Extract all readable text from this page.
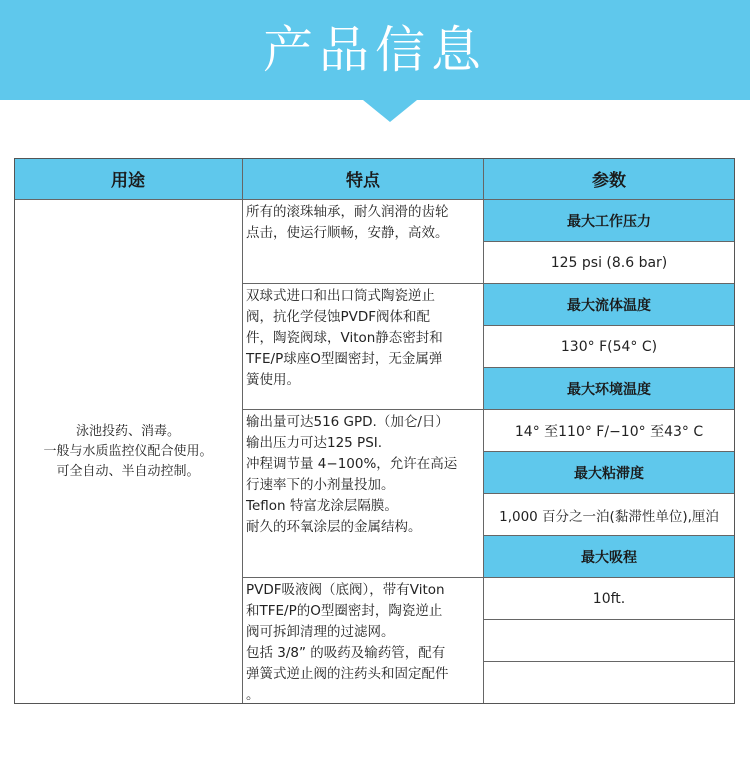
产品信息
用途	特点	参数
泳池投药、消毒。
一般与水质监控仪配合使用。
可全自动、半自动控制。
所有的滚珠轴承，耐久润滑的齿轮
点击，使运行顺畅，安静，高效。
双球式进口和出口筒式陶瓷逆止
阀，抗化学侵蚀PVDF阀体和配
件，陶瓷阀球，Viton静态密封和
TFE/P球座O型圈密封，无金属弹
簧使用。
输出量可达516 GPD.（加仑/日）
输出压力可达125 PSI.
冲程调节量 4−100%，允许在高运
行速率下的小剂量投加。
Teflon 特富龙涂层隔膜。
耐久的环氧涂层的金属结构。
PVDF吸液阀（底阀），带有Viton
和TFE/P的O型圈密封，陶瓷逆止
阀可拆卸清理的过滤网。
包括 3/8” 的吸药及输药管，配有
弹簧式逆止阀的注药头和固定配件
。
最大工作压力
125 psi (8.6 bar)
最大流体温度
130° F(54° C)
最大环境温度
14° 至110° F/−10° 至43° C
最大粘滞度
1,000 百分之一泊(黏滞性单位),厘泊
最大吸程
10ft.
